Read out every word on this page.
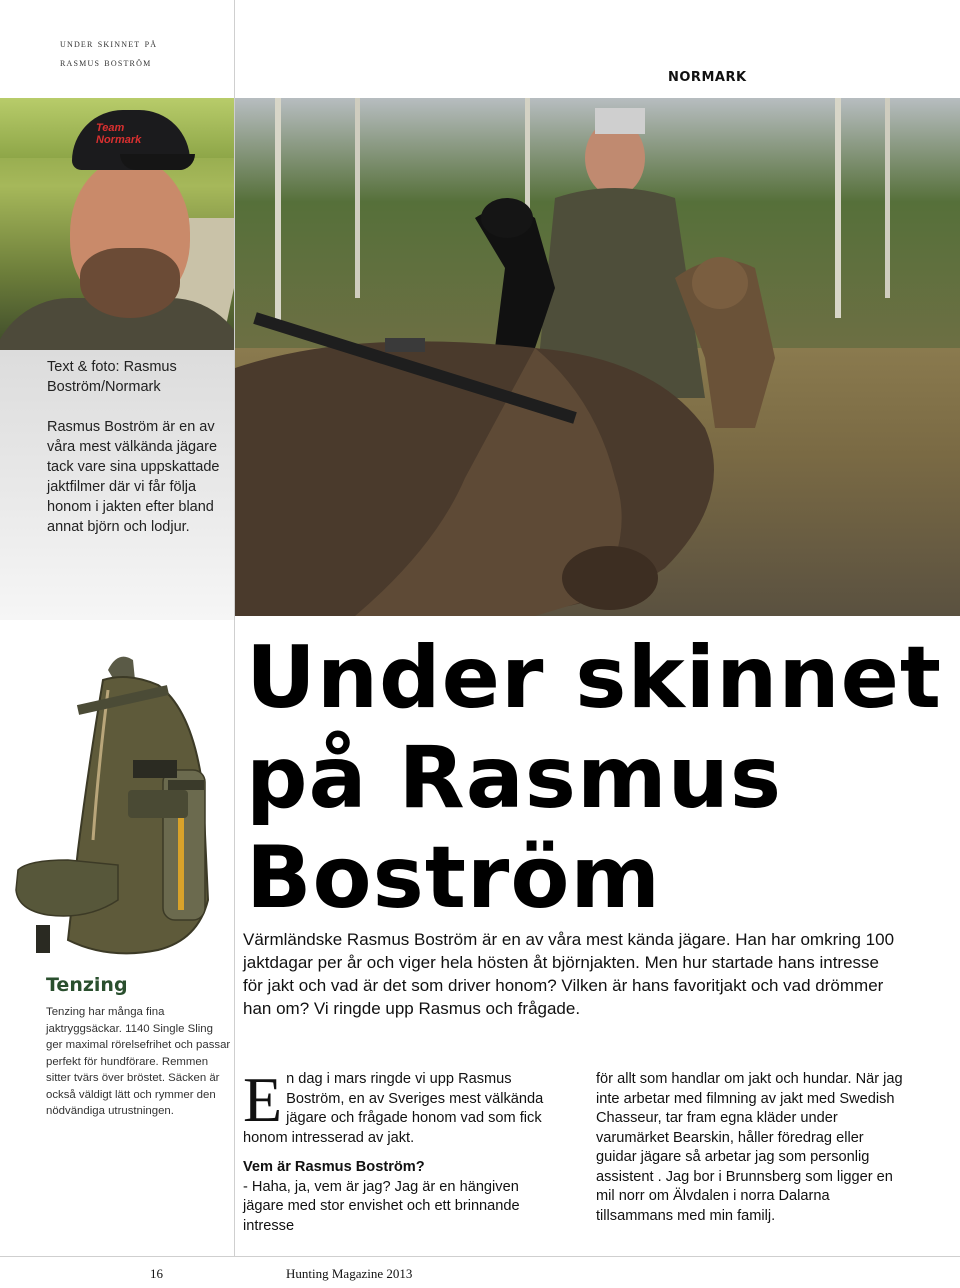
under skinnet på
rasmus boström
Team Normark
Text & foto: Rasmus Boström/Normark
Rasmus Boström är en av våra mest välkända jägare tack vare sina uppskattade jaktfilmer där vi får följa honom i jakten efter bland annat björn och lodjur.
Tenzing
Tenzing har många fina jaktryggsäckar. 1140 Single Sling ger maximal rörelsefrihet och passar perfekt för hundförare. Remmen sitter tvärs över bröstet. Säcken är också väldigt lätt och rymmer den nödvändiga utrustningen.
NORMARK
Under skinnet
på Rasmus
Boström
Värmländske Rasmus Boström är en av våra mest kända jägare. Han har omkring 100 jaktdagar per år och viger hela hösten åt björnjakten. Men hur startade hans intresse för jakt och vad är det som driver honom? Vilken är hans favoritjakt och vad drömmer han om? Vi ringde upp Rasmus och frågade.
E n dag i mars ringde vi upp Rasmus Boström, en av Sveriges mest välkända jägare och frågade honom vad som fick honom intresserad av jakt.
Vem är Rasmus Boström?
- Haha, ja, vem är jag? Jag är en hängiven jägare med stor envishet och ett brinnande intresse
för allt som handlar om jakt och hundar. När jag inte arbetar med filmning av jakt med Swedish Chasseur, tar fram egna kläder under varumärket Bearskin, håller föredrag eller guidar jägare så arbetar jag som personlig assistent . Jag bor i Brunnsberg som ligger en mil norr om Älvdalen i norra Dalarna tillsammans med min familj.
16	Hunting Magazine 2013
